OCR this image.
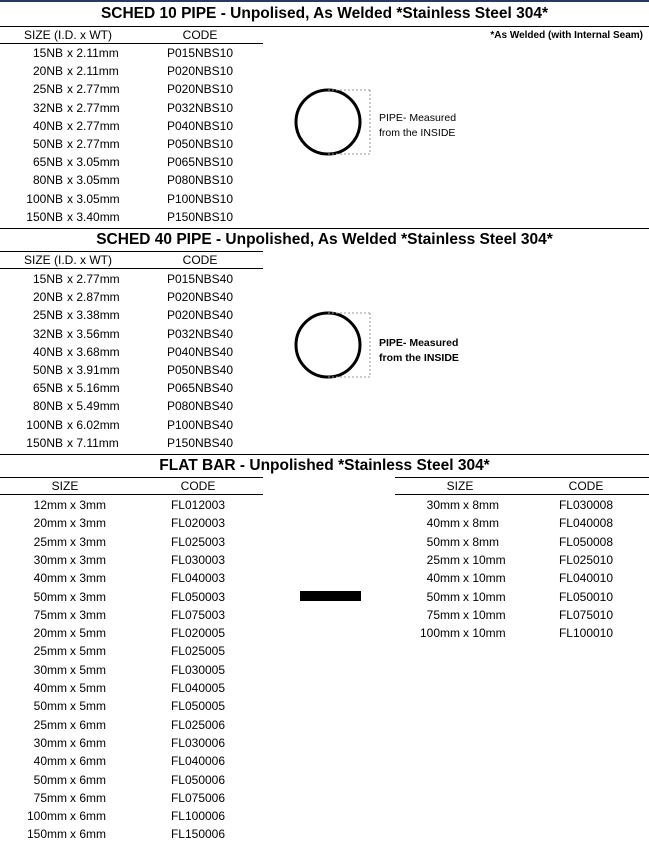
SCHED 10 PIPE - Unpolised, As Welded *Stainless Steel 304*
SIZE (I.D. x WT)	CODE	*As Welded (with Internal Seam)
15NB x 2.11mm	P015NBS10
20NB x 2.11mm	P020NBS10
25NB x 2.77mm	P020NBS10
32NB x 2.77mm	P032NBS10
40NB x 2.77mm	P040NBS10
50NB x 2.77mm	P050NBS10
65NB x 3.05mm	P065NBS10
80NB x 3.05mm	P080NBS10
100NB x 3.05mm	P100NBS10
150NB x 3.40mm	P150NBS10
PIPE- Measured
from the INSIDE
SCHED 40 PIPE - Unpolished, As Welded *Stainless Steel 304*
SIZE (I.D. x WT)	CODE
15NB x 2.77mm	P015NBS40
20NB x 2.87mm	P020NBS40
25NB x 3.38mm	P020NBS40
32NB x 3.56mm	P032NBS40
40NB x 3.68mm	P040NBS40
50NB x 3.91mm	P050NBS40
65NB x 5.16mm	P065NBS40
80NB x 5.49mm	P080NBS40
100NB x 6.02mm	P100NBS40
150NB x 7.11mm	P150NBS40
PIPE- Measured
from the INSIDE
FLAT BAR - Unpolished *Stainless Steel 304*
SIZE	CODE
12mm x 3mm	FL012003
20mm x 3mm	FL020003
25mm x 3mm	FL025003
30mm x 3mm	FL030003
40mm x 3mm	FL040003
50mm x 3mm	FL050003
75mm x 3mm	FL075003
20mm x 5mm	FL020005
25mm x 5mm	FL025005
30mm x 5mm	FL030005
40mm x 5mm	FL040005
50mm x 5mm	FL050005
25mm x 6mm	FL025006
30mm x 6mm	FL030006
40mm x 6mm	FL040006
50mm x 6mm	FL050006
75mm x 6mm	FL075006
100mm x 6mm	FL100006
150mm x 6mm	FL150006
SIZE	CODE
30mm x 8mm	FL030008
40mm x 8mm	FL040008
50mm x 8mm	FL050008
25mm x 10mm	FL025010
40mm x 10mm	FL040010
50mm x 10mm	FL050010
75mm x 10mm	FL075010
100mm x 10mm	FL100010
